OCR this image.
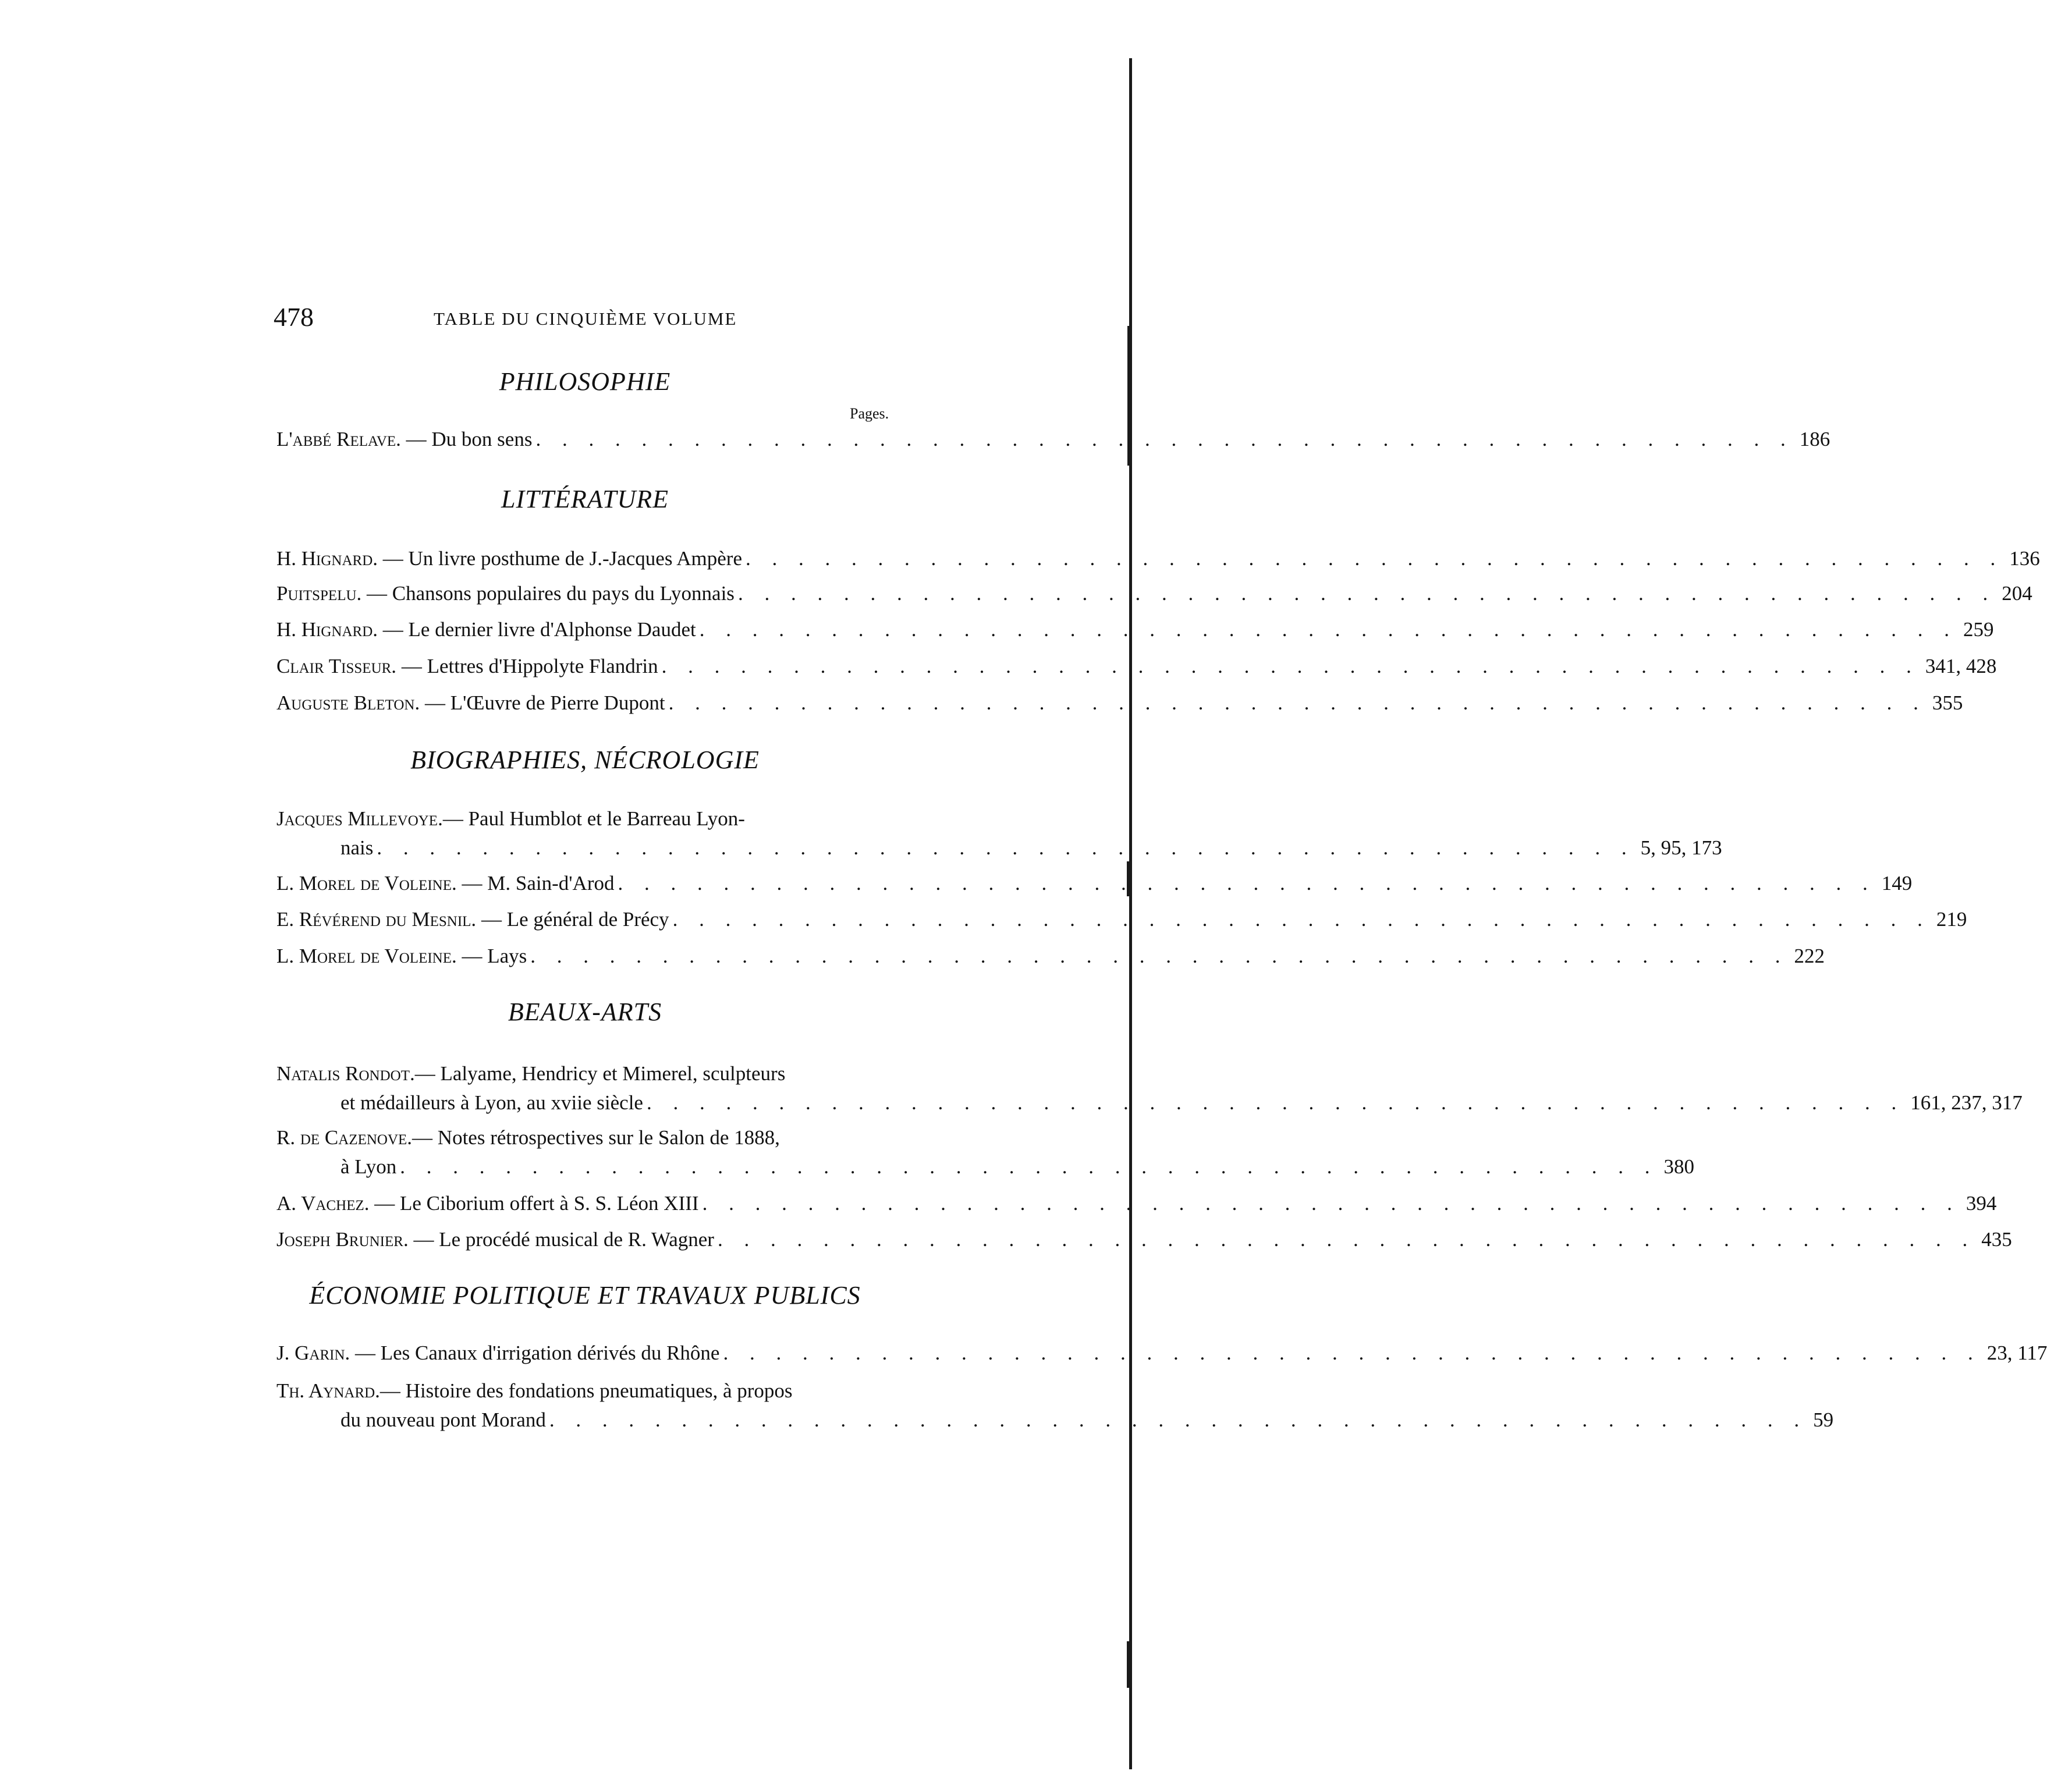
478	TABLE DU CINQUIÈME VOLUME
PHILOSOPHIE
Pages.
L'abbé Relave. — Du bon sens . . . . . . . . . . . . . . . . . . . . . . . . . . . . . . . . . . . . . . . . . . . . . . . . 186
LITTÉRATURE
H. Hignard. — Un livre posthume de J.-Jacques Ampère . . . . . . . . . . . . . . . . . . . . . . . . . . . . . . . . . . . . . . . . . . . . . . . . 136
Puitspelu. — Chansons populaires du pays du Lyonnais . . . . . . . . . . . . . . . . . . . . . . . . . . . . . . . . . . . . . . . . . . . . . . . . 204
H. Hignard. — Le dernier livre d'Alphonse Daudet . . . . . . . . . . . . . . . . . . . . . . . . . . . . . . . . . . . . . . . . . . . . . . . . 259
Clair Tisseur. — Lettres d'Hippolyte Flandrin . . . . . . . . . . . . . . . . . . . . . . . . . . . . . . . . . . . . . . . . . . . . . . . . 341, 428
Auguste Bleton. — L'Œuvre de Pierre Dupont . . . . . . . . . . . . . . . . . . . . . . . . . . . . . . . . . . . . . . . . . . . . . . . . 355
BIOGRAPHIES, NÉCROLOGIE
Jacques Millevoye. — Paul Humblot et le Barreau Lyon-
nais . . . . . . . . . . . . . . . . . . . . . . . . . . . . . . . . . . . . . . . . . . . . . . . . 5, 95, 173
L. Morel de Voleine. — M. Sain-d'Arod . . . . . . . . . . . . . . . . . . . . . . . . . . . . . . . . . . . . . . . . . . . . . . . . 149
E. Révérend du Mesnil. — Le général de Précy . . . . . . . . . . . . . . . . . . . . . . . . . . . . . . . . . . . . . . . . . . . . . . . . 219
L. Morel de Voleine. — Lays . . . . . . . . . . . . . . . . . . . . . . . . . . . . . . . . . . . . . . . . . . . . . . . . 222
BEAUX-ARTS
Natalis Rondot. — Lalyame, Hendricy et Mimerel, sculpteurs
et médailleurs à Lyon, au xviie siècle . . . . . . . . . . . . . . . . . . . . . . . . . . . . . . . . . . . . . . . . . . . . . . . . 161, 237, 317
R. de Cazenove. — Notes rétrospectives sur le Salon de 1888,
à Lyon . . . . . . . . . . . . . . . . . . . . . . . . . . . . . . . . . . . . . . . . . . . . . . . . 380
A. Vachez. — Le Ciborium offert à S. S. Léon XIII . . . . . . . . . . . . . . . . . . . . . . . . . . . . . . . . . . . . . . . . . . . . . . . . 394
Joseph Brunier. — Le procédé musical de R. Wagner . . . . . . . . . . . . . . . . . . . . . . . . . . . . . . . . . . . . . . . . . . . . . . . . 435
ÉCONOMIE POLITIQUE ET TRAVAUX PUBLICS
J. Garin. — Les Canaux d'irrigation dérivés du Rhône . . . . . . . . . . . . . . . . . . . . . . . . . . . . . . . . . . . . . . . . . . . . . . . . 23, 117
Th. Aynard. — Histoire des fondations pneumatiques, à propos
du nouveau pont Morand . . . . . . . . . . . . . . . . . . . . . . . . . . . . . . . . . . . . . . . . . . . . . . . . 59
